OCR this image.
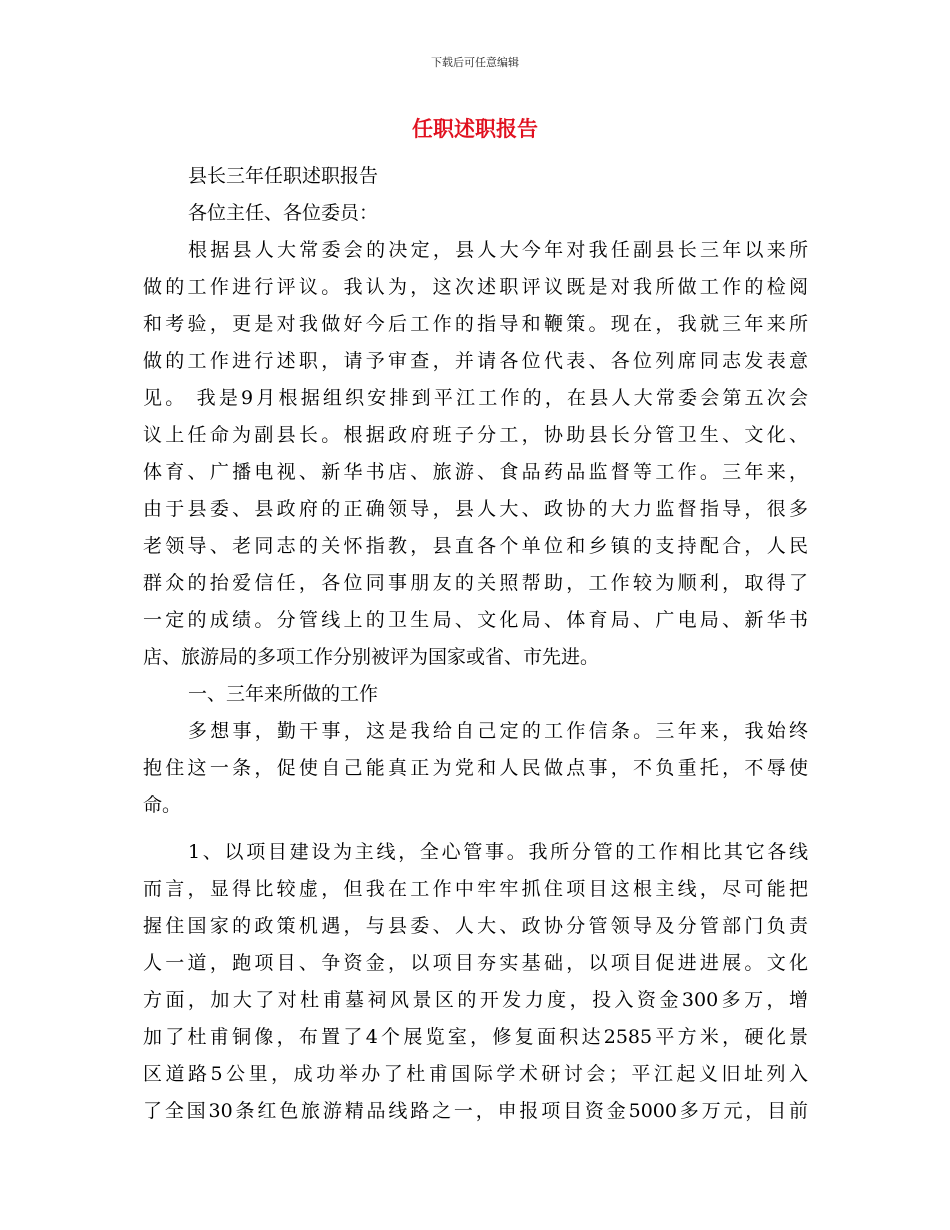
下载后可任意编辑
任职述职报告
县长三年任职述职报告
各位主任、各位委员：
根据县人大常委会的决定，县人大今年对我任副县长三年以来所
做的工作进行评议。我认为，这次述职评议既是对我所做工作的检阅
和考验，更是对我做好今后工作的指导和鞭策。现在，我就三年来所
做的工作进行述职，请予审查，并请各位代表、各位列席同志发表意
见。 我是9月根据组织安排到平江工作的，在县人大常委会第五次会
议上任命为副县长。根据政府班子分工，协助县长分管卫生、文化、
体育、广播电视、新华书店、旅游、食品药品监督等工作。三年来，
由于县委、县政府的正确领导，县人大、政协的大力监督指导，很多
老领导、老同志的关怀指教，县直各个单位和乡镇的支持配合，人民
群众的抬爱信任，各位同事朋友的关照帮助，工作较为顺利，取得了
一定的成绩。分管线上的卫生局、文化局、体育局、广电局、新华书
店、旅游局的多项工作分别被评为国家或省、市先进。
一、三年来所做的工作
多想事，勤干事，这是我给自己定的工作信条。三年来，我始终
抱住这一条，促使自己能真正为党和人民做点事，不负重托，不辱使
命。
1、以项目建设为主线，全心管事。我所分管的工作相比其它各线
而言，显得比较虚，但我在工作中牢牢抓住项目这根主线，尽可能把
握住国家的政策机遇，与县委、人大、政协分管领导及分管部门负责
人一道，跑项目、争资金，以项目夯实基础，以项目促进进展。文化
方面，加大了对杜甫墓祠风景区的开发力度，投入资金300多万，增
加了杜甫铜像，布置了4个展览室，修复面积达2585平方米，硬化景
区道路5公里，成功举办了杜甫国际学术研讨会；平江起义旧址列入
了全国30条红色旅游精品线路之一，申报项目资金5000多万元，目前
